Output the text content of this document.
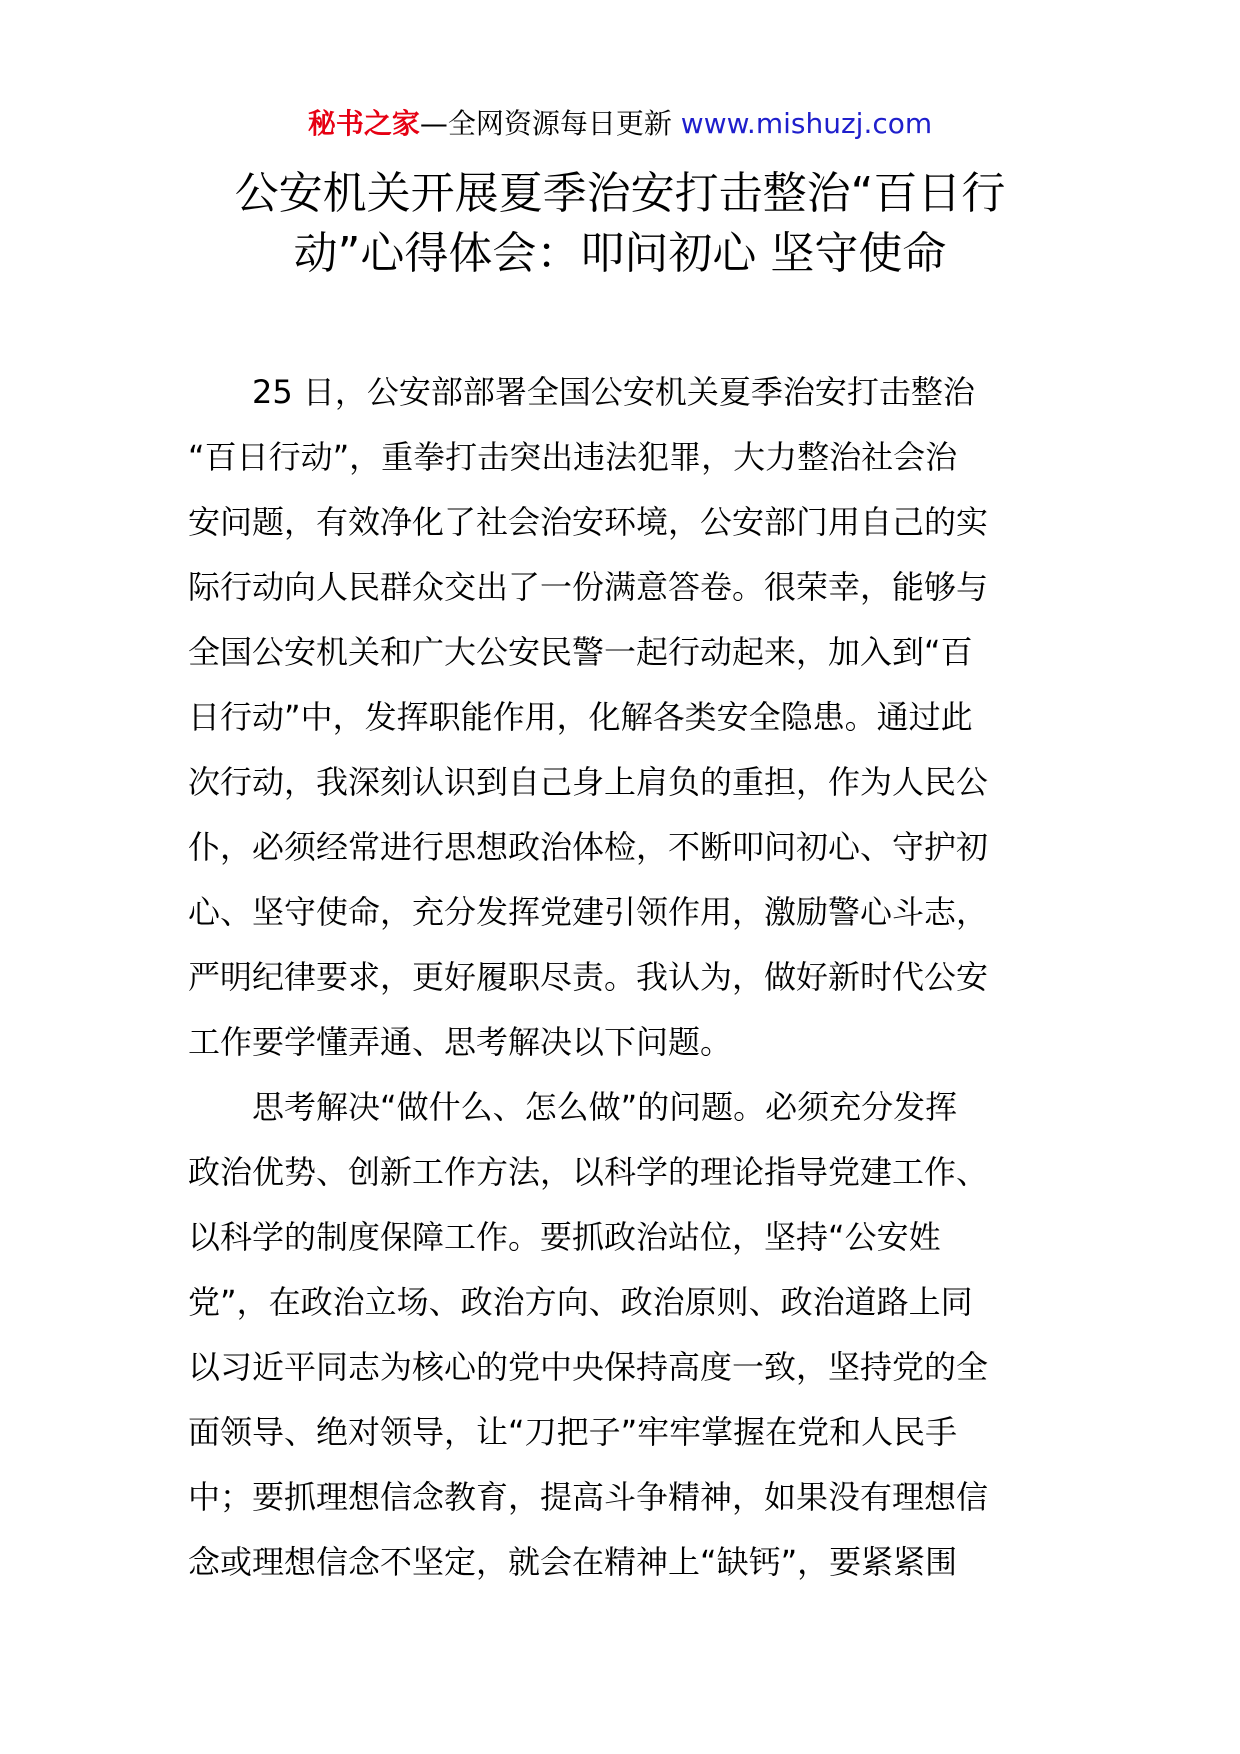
秘书之家—全网资源每日更新 www.mishuzj.com
公安机关开展夏季治安打击整治“百日行
动”心得体会：叩问初心 坚守使命
25 日，公安部部署全国公安机关夏季治安打击整治
“百日行动”，重拳打击突出违法犯罪，大力整治社会治
安问题，有效净化了社会治安环境，公安部门用自己的实
际行动向人民群众交出了一份满意答卷。很荣幸，能够与
全国公安机关和广大公安民警一起行动起来，加入到“百
日行动”中，发挥职能作用，化解各类安全隐患。通过此
次行动，我深刻认识到自己身上肩负的重担，作为人民公
仆，必须经常进行思想政治体检，不断叩问初心、守护初
心、坚守使命，充分发挥党建引领作用，激励警心斗志，
严明纪律要求，更好履职尽责。我认为，做好新时代公安
工作要学懂弄通、思考解决以下问题。
思考解决“做什么、怎么做”的问题。必须充分发挥
政治优势、创新工作方法，以科学的理论指导党建工作、
以科学的制度保障工作。要抓政治站位，坚持“公安姓
党”，在政治立场、政治方向、政治原则、政治道路上同
以习近平同志为核心的党中央保持高度一致，坚持党的全
面领导、绝对领导，让“刀把子”牢牢掌握在党和人民手
中；要抓理想信念教育，提高斗争精神，如果没有理想信
念或理想信念不坚定，就会在精神上“缺钙”，要紧紧围
